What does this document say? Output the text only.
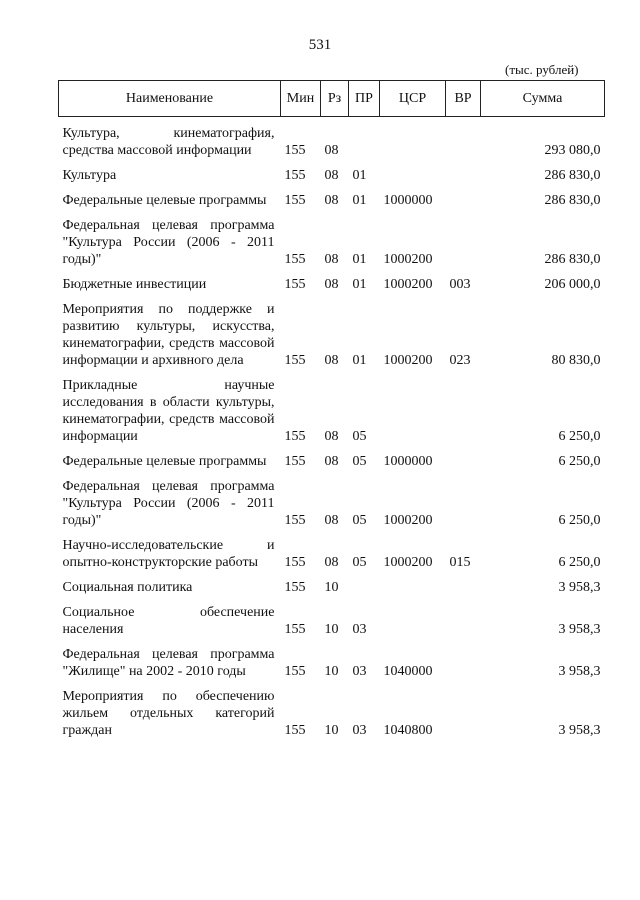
531
(тыс. рублей)
Наименование	Мин	Рз	ПР	ЦСР	ВР	Сумма
Культура, кинематография, средства массовой информации	155	08				293 080,0
Культура	155	08	01			286 830,0
Федеральные целевые программы	155	08	01	1000000		286 830,0
Федеральная целевая программа "Культура России (2006 - 2011 годы)"	155	08	01	1000200		286 830,0
Бюджетные инвестиции	155	08	01	1000200	003	206 000,0
Мероприятия по поддержке и развитию культуры, искусства, кинематографии, средств массовой информации и архивного дела	155	08	01	1000200	023	80 830,0
Прикладные научные исследования в области культуры, кинематографии, средств массовой информации	155	08	05			6 250,0
Федеральные целевые программы	155	08	05	1000000		6 250,0
Федеральная целевая программа "Культура России (2006 - 2011 годы)"	155	08	05	1000200		6 250,0
Научно-исследовательские и опытно-конструкторские работы	155	08	05	1000200	015	6 250,0
Социальная политика	155	10				3 958,3
Социальное обеспечение населения	155	10	03			3 958,3
Федеральная целевая программа "Жилище" на 2002 - 2010 годы	155	10	03	1040000		3 958,3
Мероприятия по обеспечению жильем отдельных категорий граждан	155	10	03	1040800		3 958,3
